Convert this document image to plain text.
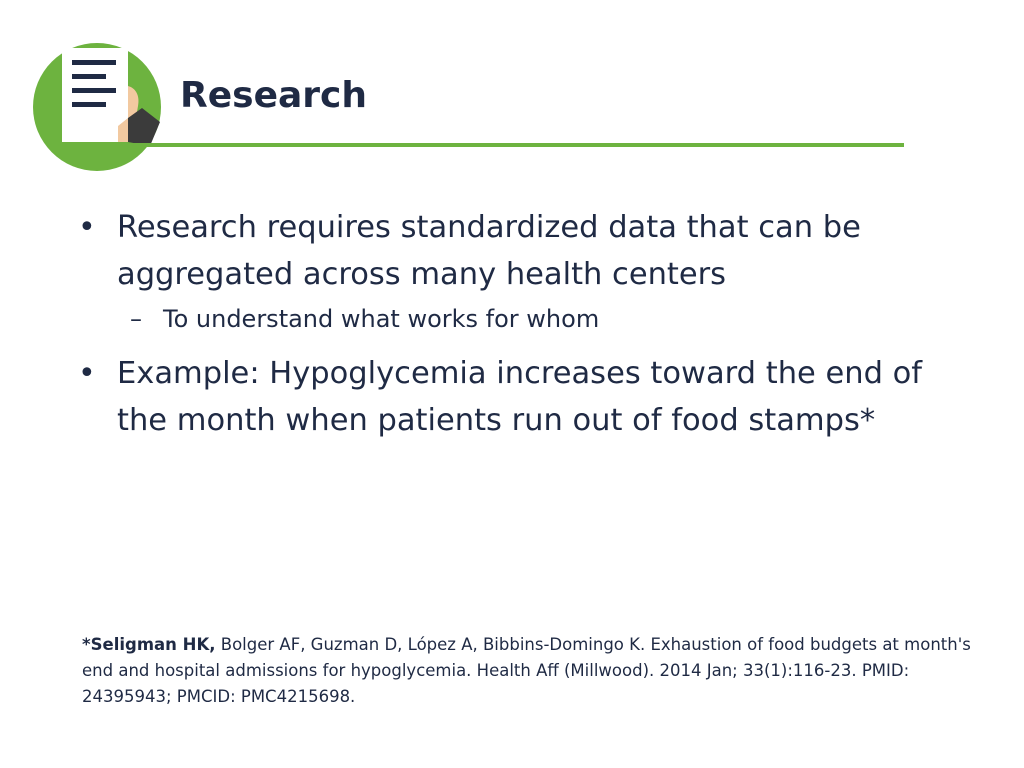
Research
• Research requires standardized data that can be aggregated across many health centers
– To understand what works for whom
• Example: Hypoglycemia increases toward the end of the month when patients run out of food stamps*
*Seligman HK, Bolger AF, Guzman D, López A, Bibbins-Domingo K. Exhaustion of food budgets at month's end and hospital admissions for hypoglycemia. Health Aff (Millwood). 2014 Jan; 33(1):116-23. PMID: 24395943; PMCID: PMC4215698.
